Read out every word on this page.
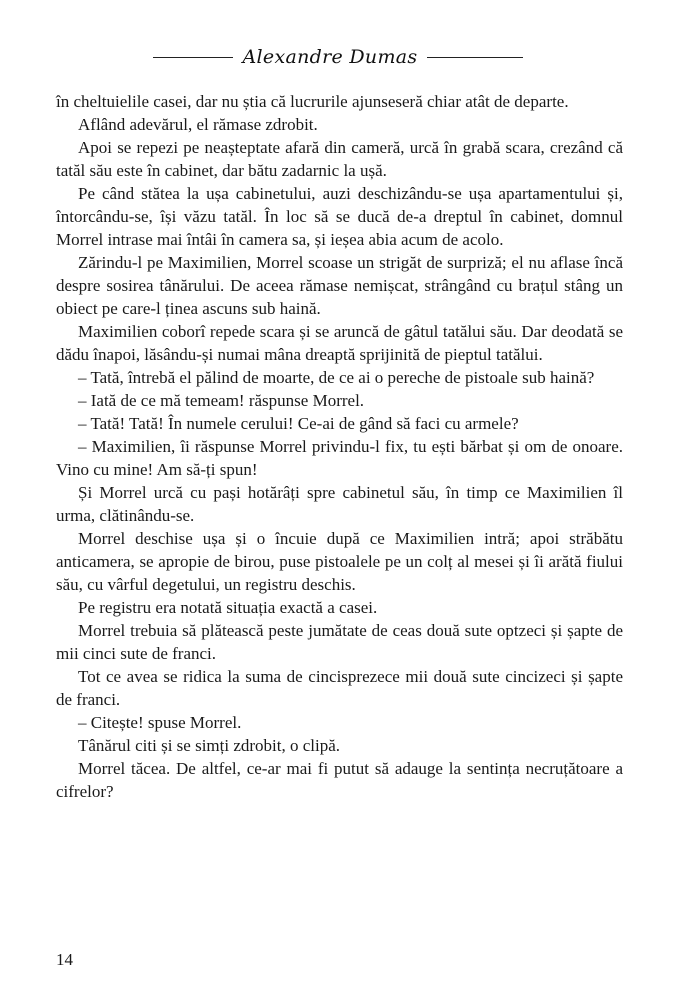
Alexandre Dumas

în cheltuielile casei, dar nu știa că lucrurile ajunseseră chiar atât de departe.

Aflând adevărul, el rămase zdrobit.

Apoi se repezi pe neașteptate afară din cameră, urcă în grabă scara, crezând că tatăl său este în cabinet, dar bătu zadarnic la ușă.

Pe când stătea la ușa cabinetului, auzi deschizându-se ușa apartamentului și, întorcându-se, își văzu tatăl. În loc să se ducă de-a dreptul în cabinet, domnul Morrel intrase mai întâi în camera sa, și ieșea abia acum de acolo.

Zărindu-l pe Maximilien, Morrel scoase un strigăt de surpriză; el nu aflase încă despre sosirea tânărului. De aceea rămase nemișcat, strângând cu brațul stâng un obiect pe care-l ținea ascuns sub haină.

Maximilien coborî repede scara și se aruncă de gâtul tatălui său. Dar deodată se dădu înapoi, lăsându-și numai mâna dreaptă sprijinită de pieptul tatălui.

– Tată, întrebă el pălind de moarte, de ce ai o pereche de pistoale sub haină?

– Iată de ce mă temeam! răspunse Morrel.

– Tată! Tată! În numele cerului! Ce-ai de gând să faci cu armele?

– Maximilien, îi răspunse Morrel privindu-l fix, tu ești bărbat și om de onoare. Vino cu mine! Am să-ți spun!

Și Morrel urcă cu pași hotărâți spre cabinetul său, în timp ce Maximilien îl urma, clătinându-se.

Morrel deschise ușa și o încuie după ce Maximilien intră; apoi străbătu anticamera, se apropie de birou, puse pistoalele pe un colț al mesei și îi arătă fiului său, cu vârful degetului, un registru deschis.

Pe registru era notată situația exactă a casei.

Morrel trebuia să plătească peste jumătate de ceas două sute optzeci și șapte de mii cinci sute de franci.

Tot ce avea se ridica la suma de cincisprezece mii două sute cincizeci și șapte de franci.

– Citește! spuse Morrel.

Tânărul citi și se simți zdrobit, o clipă.

Morrel tăcea. De altfel, ce-ar mai fi putut să adauge la sentința necruțătoare a cifrelor?

14
